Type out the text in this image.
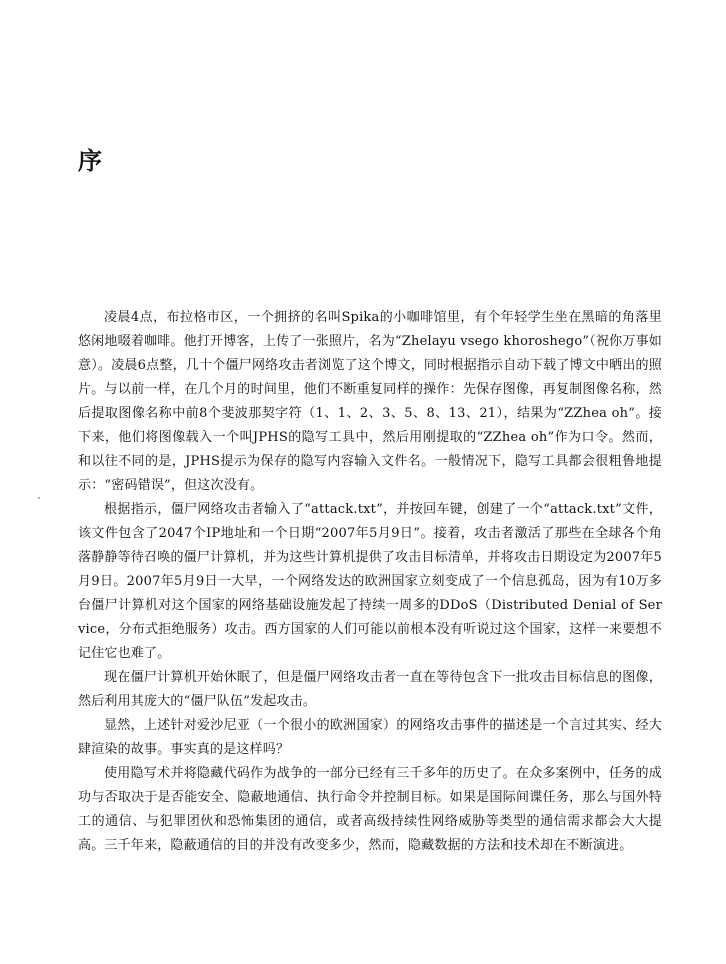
序

凌晨4点，布拉格市区，一个拥挤的名叫Spika的小咖啡馆里，有个年轻学生坐在黑暗的角落里悠闲地啜着咖啡。他打开博客，上传了一张照片，名为“Zhelayu vsego khoroshego”（祝你万事如意）。凌晨6点整，几十个僵尸网络攻击者浏览了这个博文，同时根据指示自动下载了博文中晒出的照片。与以前一样，在几个月的时间里，他们不断重复同样的操作：先保存图像，再复制图像名称，然后提取图像名称中前8个斐波那契字符（1、1、2、3、5、8、13、21），结果为“ZZhea oh”。接下来，他们将图像载入一个叫JPHS的隐写工具中，然后用刚提取的“ZZhea oh”作为口令。然而，和以往不同的是，JPHS提示为保存的隐写内容输入文件名。一般情况下，隐写工具都会很粗鲁地提示：“密码错误”，但这次没有。

根据指示，僵尸网络攻击者输入了“attack.txt”，并按回车键，创建了一个“attack.txt”文件，该文件包含了2047个IP地址和一个日期“2007年5月9日”。接着，攻击者激活了那些在全球各个角落静静等待召唤的僵尸计算机，并为这些计算机提供了攻击目标清单，并将攻击日期设定为2007年5月9日。2007年5月9日一大早，一个网络发达的欧洲国家立刻变成了一个信息孤岛，因为有10万多台僵尸计算机对这个国家的网络基础设施发起了持续一周多的DDoS（Distributed Denial of Service，分布式拒绝服务）攻击。西方国家的人们可能以前根本没有听说过这个国家，这样一来要想不记住它也难了。

现在僵尸计算机开始休眠了，但是僵尸网络攻击者一直在等待包含下一批攻击目标信息的图像，然后利用其庞大的“僵尸队伍”发起攻击。

显然，上述针对爱沙尼亚（一个很小的欧洲国家）的网络攻击事件的描述是一个言过其实、经大肆渲染的故事。事实真的是这样吗？

使用隐写术并将隐藏代码作为战争的一部分已经有三千多年的历史了。在众多案例中，任务的成功与否取决于是否能安全、隐蔽地通信、执行命令并控制目标。如果是国际间谍任务，那么与国外特工的通信、与犯罪团伙和恐怖集团的通信，或者高级持续性网络威胁等类型的通信需求都会大大提高。三千年来，隐蔽通信的目的并没有改变多少，然而，隐藏数据的方法和技术却在不断演进。
